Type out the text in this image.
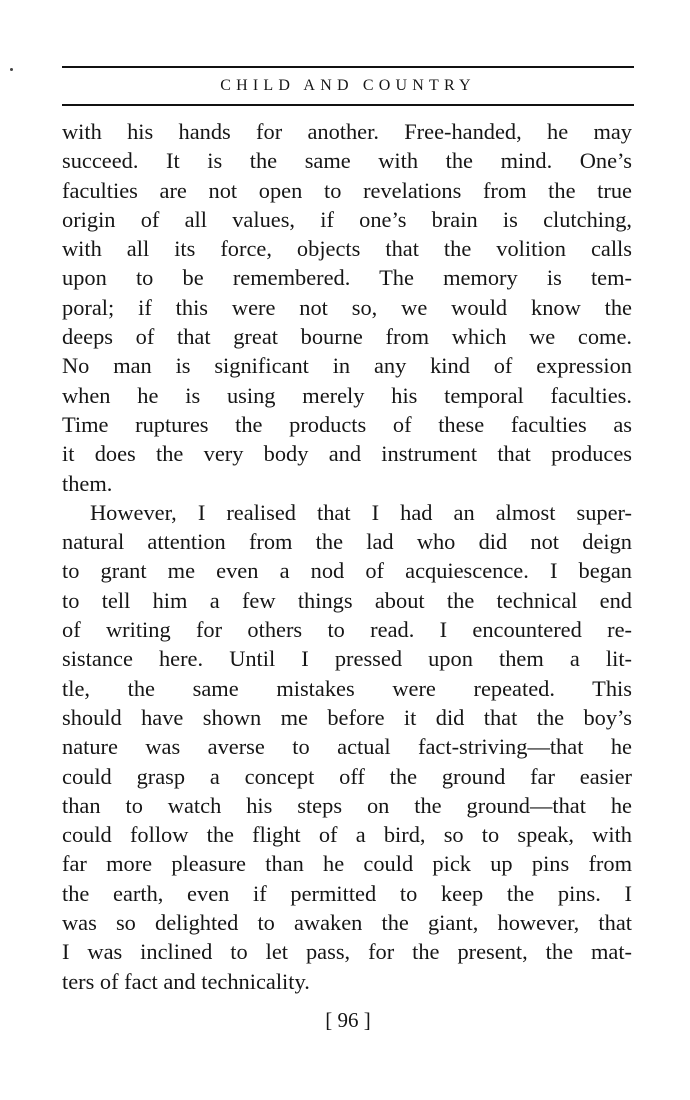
CHILD AND COUNTRY
with his hands for another. Free-handed, he may
succeed. It is the same with the mind. One’s
faculties are not open to revelations from the true
origin of all values, if one’s brain is clutching,
with all its force, objects that the volition calls
upon to be remembered. The memory is tem-
poral; if this were not so, we would know the
deeps of that great bourne from which we come.
No man is significant in any kind of expression
when he is using merely his temporal faculties.
Time ruptures the products of these faculties as
it does the very body and instrument that produces
them.
However, I realised that I had an almost super-
natural attention from the lad who did not deign
to grant me even a nod of acquiescence. I began
to tell him a few things about the technical end
of writing for others to read. I encountered re-
sistance here. Until I pressed upon them a lit-
tle, the same mistakes were repeated. This
should have shown me before it did that the boy’s
nature was averse to actual fact-striving—that he
could grasp a concept off the ground far easier
than to watch his steps on the ground—that he
could follow the flight of a bird, so to speak, with
far more pleasure than he could pick up pins from
the earth, even if permitted to keep the pins. I
was so delighted to awaken the giant, however, that
I was inclined to let pass, for the present, the mat-
ters of fact and technicality.
[ 96 ]
